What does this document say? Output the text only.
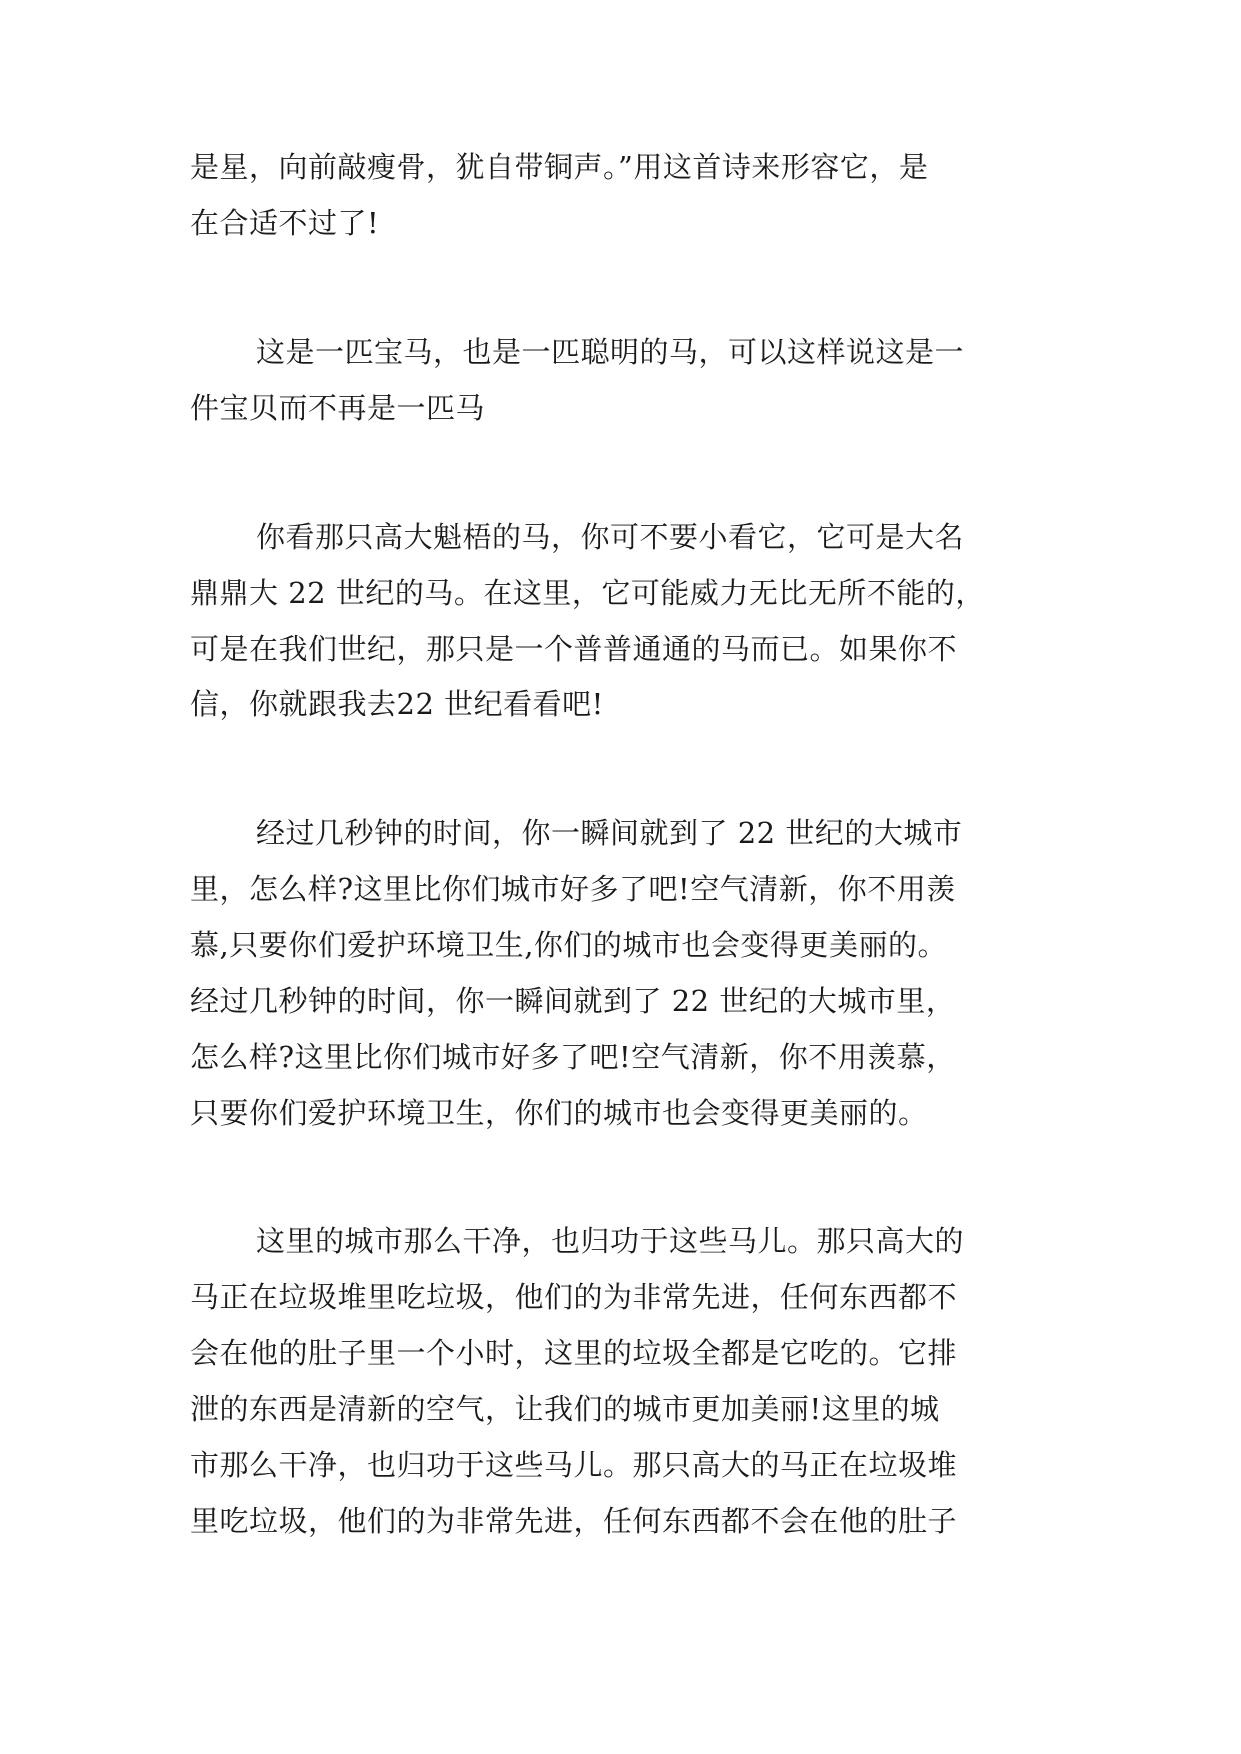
是星，向前敲瘦骨，犹自带铜声。”用这首诗来形容它，是

在合适不过了!

这是一匹宝马，也是一匹聪明的马，可以这样说这是一

件宝贝而不再是一匹马

你看那只高大魁梧的马，你可不要小看它，它可是大名

鼎鼎大 22 世纪的马。在这里，它可能威力无比无所不能的，

可是在我们世纪，那只是一个普普通通的马而已。如果你不

信，你就跟我去22 世纪看看吧!

经过几秒钟的时间，你一瞬间就到了 22 世纪的大城市

里，怎么样?这里比你们城市好多了吧!空气清新，你不用羡

慕,只要你们爱护环境卫生,你们的城市也会变得更美丽的。

经过几秒钟的时间，你一瞬间就到了 22 世纪的大城市里，

怎么样?这里比你们城市好多了吧!空气清新，你不用羡慕，

只要你们爱护环境卫生，你们的城市也会变得更美丽的。

这里的城市那么干净，也归功于这些马儿。那只高大的

马正在垃圾堆里吃垃圾，他们的为非常先进，任何东西都不

会在他的肚子里一个小时，这里的垃圾全都是它吃的。它排

泄的东西是清新的空气，让我们的城市更加美丽!这里的城

市那么干净，也归功于这些马儿。那只高大的马正在垃圾堆

里吃垃圾，他们的为非常先进，任何东西都不会在他的肚子
